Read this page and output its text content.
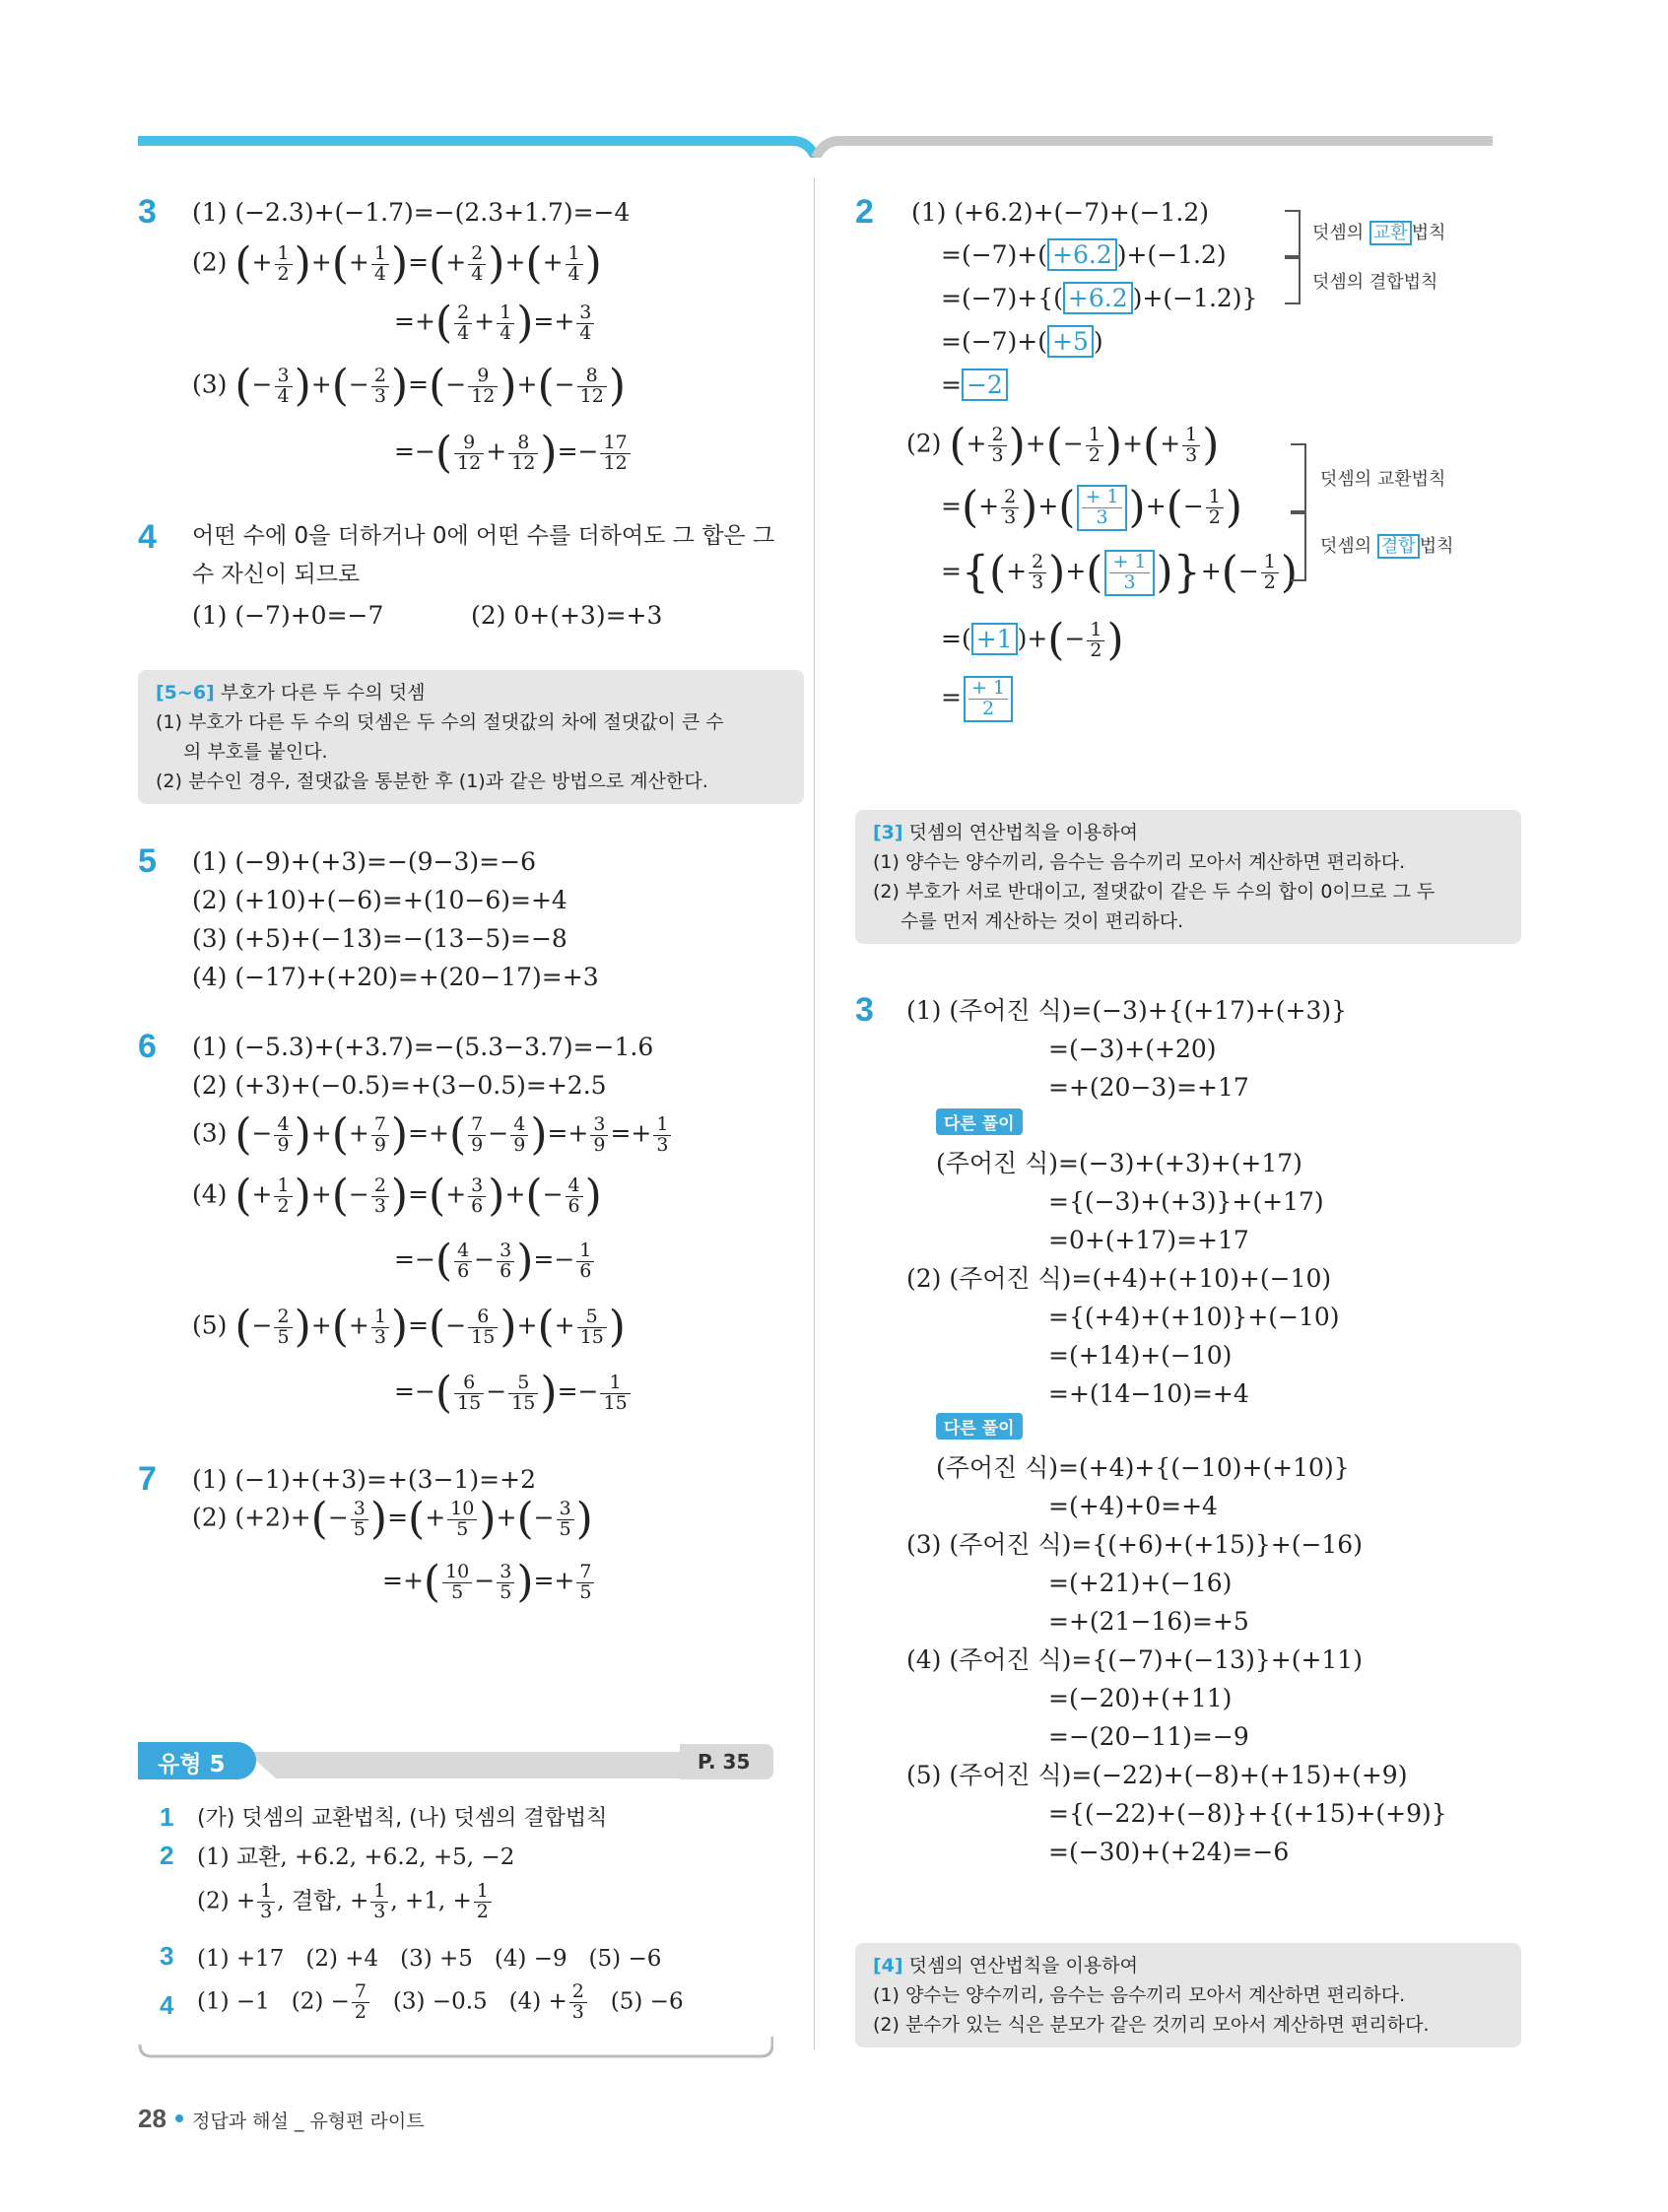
3 (1) (−2.3)+(−1.7)=−(2.3+1.7)=−4
(2) (+ $\frac{1}{2}$ )+(+ $\frac{1}{4}$ )=(+ $\frac{2}{4}$ )+(+ $\frac{1}{4}$ )
=+( $\frac{2}{4} + \frac{1}{4}$ )=+ $\frac{3}{4}$
(3) (− $\frac{3}{4}$ )+(− $\frac{2}{3}$ )=(− $\frac{9}{12}$ )+(− $\frac{8}{12}$ )
=−( $\frac{9}{12} + \frac{8}{12}$ )=− $\frac{17}{12}$
4 어떤 수에 0을 더하거나 0에 어떤 수를 더하여도 그 합은 그
수 자신이 되므로
(1) (−7)+0=−7	(2) 0+(+3)=+3
[5~6] 부호가 다른 두 수의 덧셈
(1) 부호가 다른 두 수의 덧셈은 두 수의 절댓값의 차에 절댓값이 큰 수
의 부호를 붙인다.
(2) 분수인 경우, 절댓값을 통분한 후 (1)과 같은 방법으로 계산한다.
5 (1) (−9)+(+3)=−(9−3)=−6
(2) (+10)+(−6)=+(10−6)=+4
(3) (+5)+(−13)=−(13−5)=−8
(4) (−17)+(+20)=+(20−17)=+3
6 (1) (−5.3)+(+3.7)=−(5.3−3.7)=−1.6
(2) (+3)+(−0.5)=+(3−0.5)=+2.5
(3) (− $\frac{4}{9}$ )+(+ $\frac{7}{9}$ )=+( $\frac{7}{9} - \frac{4}{9}$ )=+ $\frac{3}{9} =+ \frac{1}{3}$
(4) (+ $\frac{1}{2}$ )+(− $\frac{2}{3}$ )=(+ $\frac{3}{6}$ )+(− $\frac{4}{6}$ )
=−( $\frac{4}{6} - \frac{3}{6}$ )=− $\frac{1}{6}$
(5) (− $\frac{2}{5}$ )+(+ $\frac{1}{3}$ )=(− $\frac{6}{15}$ )+(+ $\frac{5}{15}$ )
=−( $\frac{6}{15} - \frac{5}{15}$ )=− $\frac{1}{15}$
7 (1) (−1)+(+3)=+(3−1)=+2
(2) $(+2)+(- \frac{3}{5}$ )=(+ $\frac{10}{5}$ )+(− $\frac{3}{5}$ )
=+( $\frac{10}{5} - \frac{3}{5}$ )=+ $\frac{7}{5}$
유형 5	P. 35
1 (가) 덧셈의 교환법칙, (나) 덧셈의 결합법칙
2 (1) 교환, +6.2, +6.2, +5, −2
$(2) + \frac{1}{3}$ , 결합, + $\frac{1}{3}$ , +1, + $\frac{1}{2}$
3 (1) +17   (2) +4   (3) +5   (4) −9   (5) −6
4 (1) −1   $(2) - \frac{7}{2} (3) -0.5$   $(4) + \frac{2}{3} (5) -6$
28 정답과 해설 _ 유형편 라이트
2 (1) (+6.2)+(−7)+(−1.2)
=(−7)+( +6.2 )+(−1.2)
=(−7)+{( +6.2 )+(−1.2)}
=(−7)+( +5 )
= −2
덧셈의 교환 법칙
덧셈의 결합법칙
(2) (+ $\frac{2}{3}$ )+(− $\frac{1}{2}$ )+(+ $\frac{1}{3}$ )
=(+ $\frac{2}{3}$ )+( $\frac{+ 1}{3}$ )+(− $\frac{1}{2}$ )
={(+ $\frac{2}{3}$ )+( $\frac{+ 1}{3}$ )}+(− $\frac{1}{2}$ )
=( +1 )+(− $\frac{1}{2}$ )
= $\frac{+ 1}{2}$
덧셈의 교환법칙
덧셈의 결합 법칙
[3] 덧셈의 연산법칙을 이용하여
(1) 양수는 양수끼리, 음수는 음수끼리 모아서 계산하면 편리하다.
(2) 부호가 서로 반대이고, 절댓값이 같은 두 수의 합이 0이므로 그 두
수를 먼저 계산하는 것이 편리하다.
3 (1) (주어진 식)=(−3)+{(+17)+(+3)}
=(−3)+(+20)
=+(20−3)=+17
다른 풀이
(주어진 식)=(−3)+(+3)+(+17)
={(−3)+(+3)}+(+17)
=0+(+17)=+17
(2) (주어진 식)=(+4)+(+10)+(−10)
={(+4)+(+10)}+(−10)
=(+14)+(−10)
=+(14−10)=+4
다른 풀이
(주어진 식)=(+4)+{(−10)+(+10)}
=(+4)+0=+4
(3) (주어진 식)={(+6)+(+15)}+(−16)
=(+21)+(−16)
=+(21−16)=+5
(4) (주어진 식)={(−7)+(−13)}+(+11)
=(−20)+(+11)
=−(20−11)=−9
(5) (주어진 식)=(−22)+(−8)+(+15)+(+9)
={(−22)+(−8)}+{(+15)+(+9)}
=(−30)+(+24)=−6
[4] 덧셈의 연산법칙을 이용하여
(1) 양수는 양수끼리, 음수는 음수끼리 모아서 계산하면 편리하다.
(2) 분수가 있는 식은 분모가 같은 것끼리 모아서 계산하면 편리하다.
